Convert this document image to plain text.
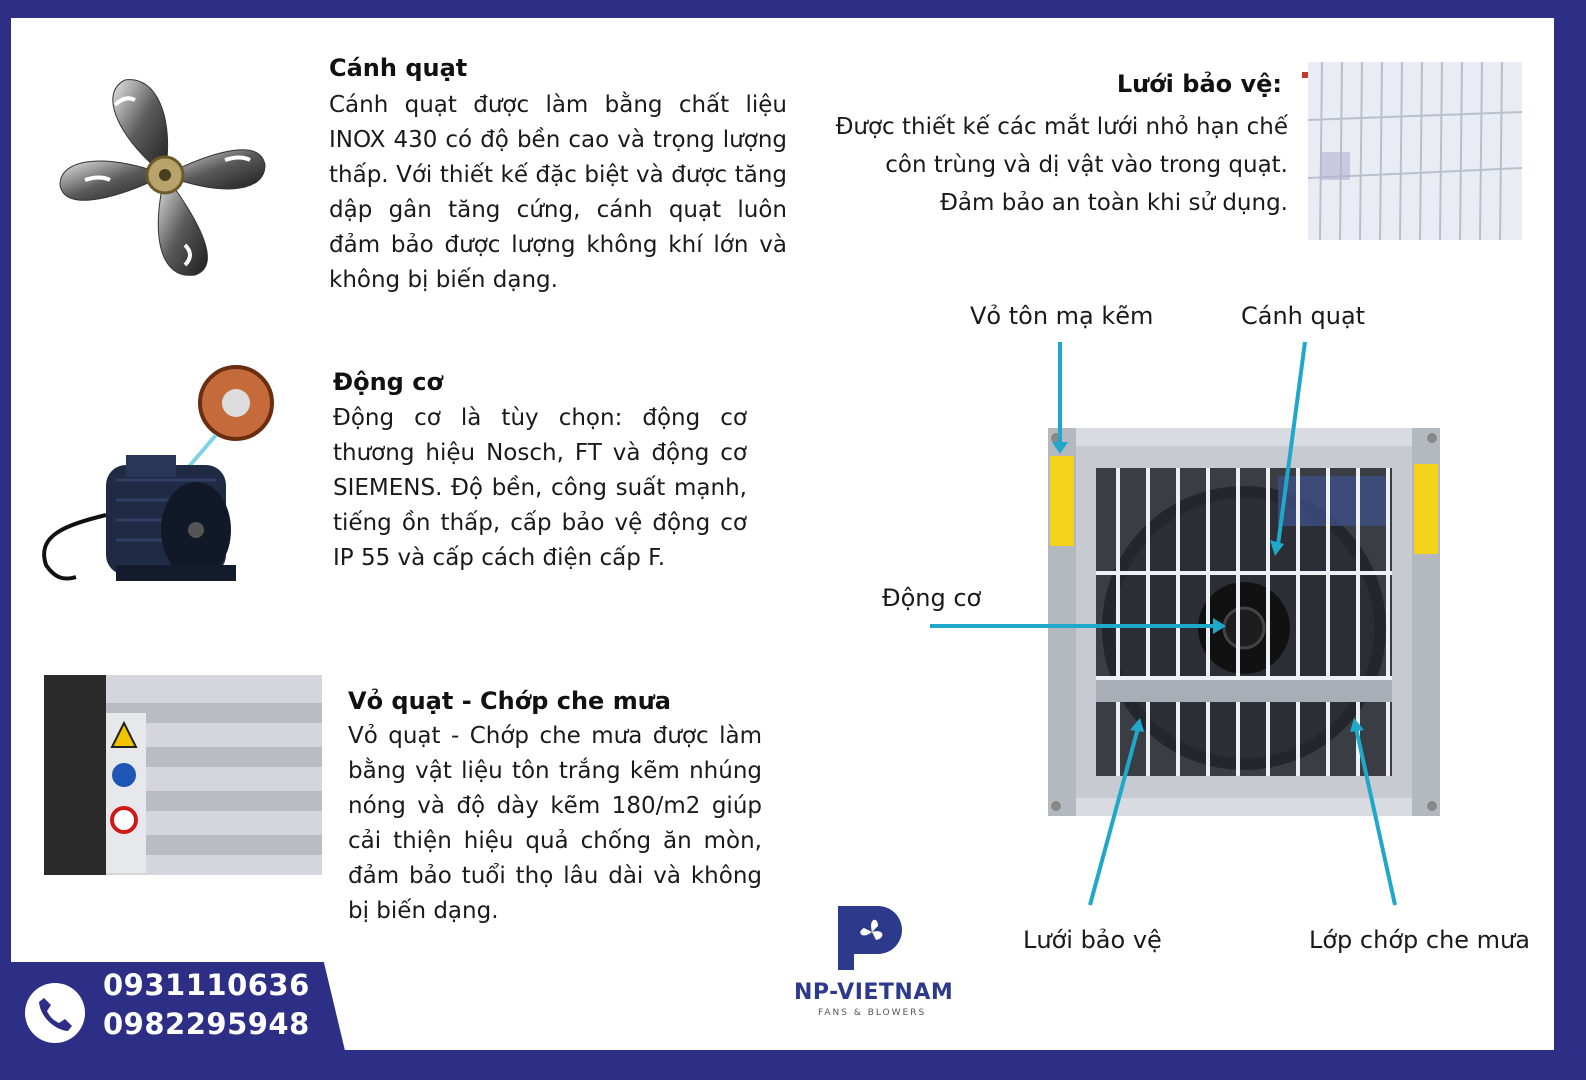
Cánh quạt
Cánh quạt được làm bằng chất liệu INOX 430 có độ bền cao và trọng lượng thấp. Với thiết kế đặc biệt và được tăng dập gân tăng cứng, cánh quạt luôn đảm bảo được lượng không khí lớn và không bị biến dạng.
Lưới bảo vệ:
Được thiết kế các mắt lưới nhỏ hạn chế côn trùng và dị vật vào trong quạt. Đảm bảo an toàn khi sử dụng.
Động cơ
Động cơ là tùy chọn: động cơ thương hiệu Nosch, FT và động cơ SIEMENS. Độ bền, công suất mạnh, tiếng ồn thấp, cấp bảo vệ động cơ IP 55 và cấp cách điện cấp F.
Vỏ quạt - Chớp che mưa
Vỏ quạt - Chớp che mưa được làm bằng vật liệu tôn trắng kẽm nhúng nóng và độ dày kẽm 180/m2 giúp cải thiện hiệu quả chống ăn mòn, đảm bảo tuổi thọ lâu dài và không bị biến dạng.
Vỏ tôn mạ kẽm	Cánh quạt
Động cơ
Lưới bảo vệ	Lớp chớp che mưa
NP-VIETNAM
FANS & BLOWERS
0931110636
0982295948
